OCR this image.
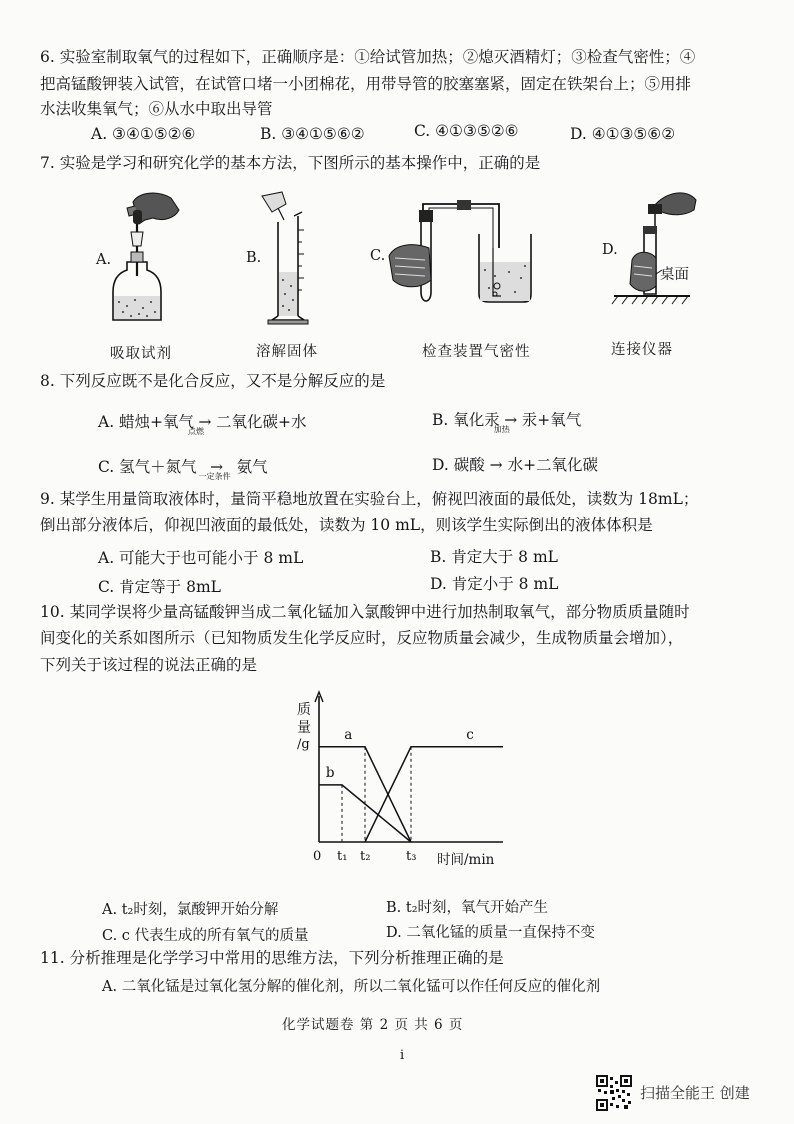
6. 实验室制取氧气的过程如下，正确顺序是：①给试管加热；②熄灭酒精灯；③检查气密性；④
把高锰酸钾装入试管，在试管口堵一小团棉花，用带导管的胶塞塞紧，固定在铁架台上；⑤用排
水法收集氧气；⑥从水中取出导管
A. ③④①⑤②⑥	B. ③④①⑤⑥②	C. ④①③⑤②⑥	D. ④①③⑤⑥②
7. 实验是学习和研究化学的基本方法，下图所示的基本操作中，正确的是
A.	B.	C.	D.
桌面
吸取试剂	溶解固体	检查装置气密性	连接仪器
8. 下列反应既不是化合反应，又不是分解反应的是
A. 蜡烛+氧气 →
点燃
二氧化碳+水	B. 氧化汞 →
加热
汞+氧气
C. 氢气＋氮气 →
一定条件
氨气	D. 碳酸 → 水+二氧化碳
9. 某学生用量筒取液体时，量筒平稳地放置在实验台上，俯视凹液面的最低处，读数为 18mL；
倒出部分液体后，仰视凹液面的最低处，读数为 10 mL，则该学生实际倒出的液体体积是
A. 可能大于也可能小于 8 mL	B. 肯定大于 8 mL
C. 肯定等于 8mL	D. 肯定小于 8 mL
10. 某同学误将少量高锰酸钾当成二氧化锰加入氯酸钾中进行加热制取氧气，部分物质质量随时
间变化的关系如图所示（已知物质发生化学反应时，反应物质量会减少，生成物质量会增加），
下列关于该过程的说法正确的是
t₁ t₂	t₃
a
b
c
质
量
/g
0	时间/min
A. t₂时刻，氯酸钾开始分解	B. t₂时刻，氧气开始产生
C. c 代表生成的所有氧气的质量	D. 二氧化锰的质量一直保持不变
11. 分析推理是化学学习中常用的思维方法，下列分析推理正确的是
A. 二氧化锰是过氧化氢分解的催化剂，所以二氧化锰可以作任何反应的催化剂
化学试题卷 第 2 页 共 6 页
i
扫描全能王 创建
